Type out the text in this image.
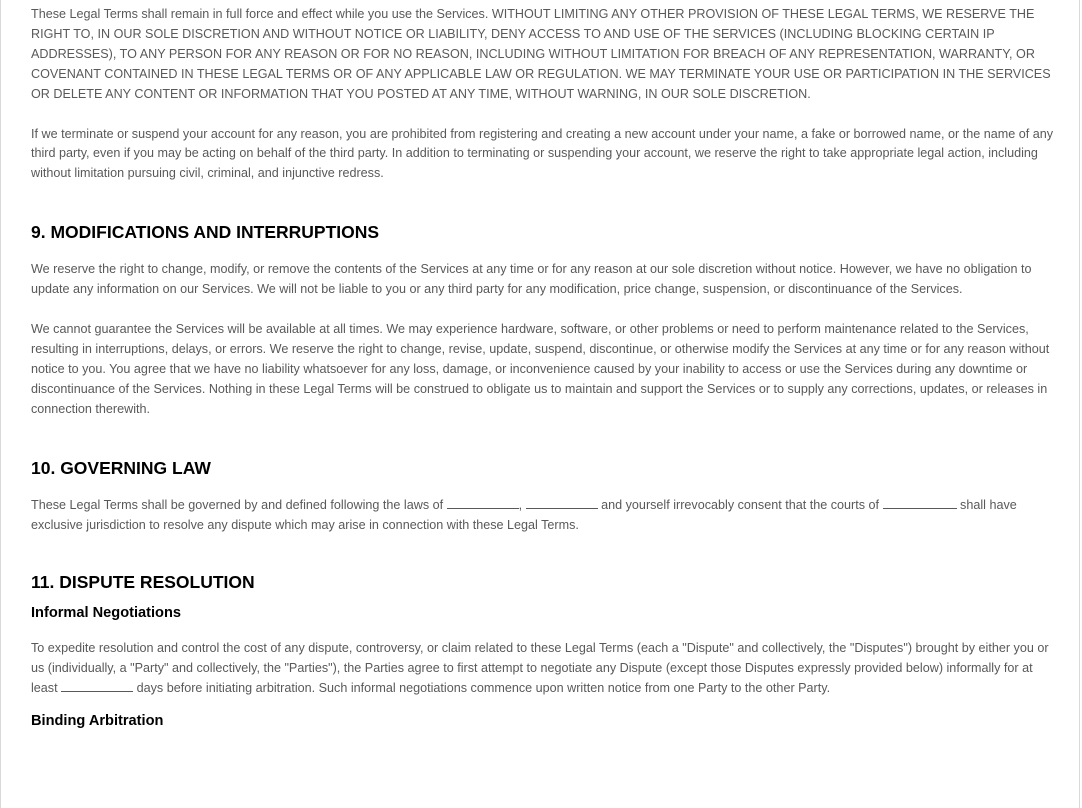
These Legal Terms shall remain in full force and effect while you use the Services. WITHOUT LIMITING ANY OTHER PROVISION OF THESE LEGAL TERMS, WE RESERVE THE RIGHT TO, IN OUR SOLE DISCRETION AND WITHOUT NOTICE OR LIABILITY, DENY ACCESS TO AND USE OF THE SERVICES (INCLUDING BLOCKING CERTAIN IP ADDRESSES), TO ANY PERSON FOR ANY REASON OR FOR NO REASON, INCLUDING WITHOUT LIMITATION FOR BREACH OF ANY REPRESENTATION, WARRANTY, OR COVENANT CONTAINED IN THESE LEGAL TERMS OR OF ANY APPLICABLE LAW OR REGULATION. WE MAY TERMINATE YOUR USE OR PARTICIPATION IN THE SERVICES OR DELETE ANY CONTENT OR INFORMATION THAT YOU POSTED AT ANY TIME, WITHOUT WARNING, IN OUR SOLE DISCRETION.

If we terminate or suspend your account for any reason, you are prohibited from registering and creating a new account under your name, a fake or borrowed name, or the name of any third party, even if you may be acting on behalf of the third party. In addition to terminating or suspending your account, we reserve the right to take appropriate legal action, including without limitation pursuing civil, criminal, and injunctive redress.

9. MODIFICATIONS AND INTERRUPTIONS

We reserve the right to change, modify, or remove the contents of the Services at any time or for any reason at our sole discretion without notice. However, we have no obligation to update any information on our Services. We will not be liable to you or any third party for any modification, price change, suspension, or discontinuance of the Services.

We cannot guarantee the Services will be available at all times. We may experience hardware, software, or other problems or need to perform maintenance related to the Services, resulting in interruptions, delays, or errors. We reserve the right to change, revise, update, suspend, discontinue, or otherwise modify the Services at any time or for any reason without notice to you. You agree that we have no liability whatsoever for any loss, damage, or inconvenience caused by your inability to access or use the Services during any downtime or discontinuance of the Services. Nothing in these Legal Terms will be construed to obligate us to maintain and support the Services or to supply any corrections, updates, or releases in connection therewith.

10. GOVERNING LAW

These Legal Terms shall be governed by and defined following the laws of	,	and yourself irrevocably consent that the courts of	shall have exclusive jurisdiction to resolve any dispute which may arise in connection with these Legal Terms.

11. DISPUTE RESOLUTION
Informal Negotiations

To expedite resolution and control the cost of any dispute, controversy, or claim related to these Legal Terms (each a "Dispute" and collectively, the "Disputes") brought by either you or us (individually, a "Party" and collectively, the "Parties"), the Parties agree to first attempt to negotiate any Dispute (except those Disputes expressly provided below) informally for at least	days before initiating arbitration. Such informal negotiations commence upon written notice from one Party to the other Party.

Binding Arbitration
